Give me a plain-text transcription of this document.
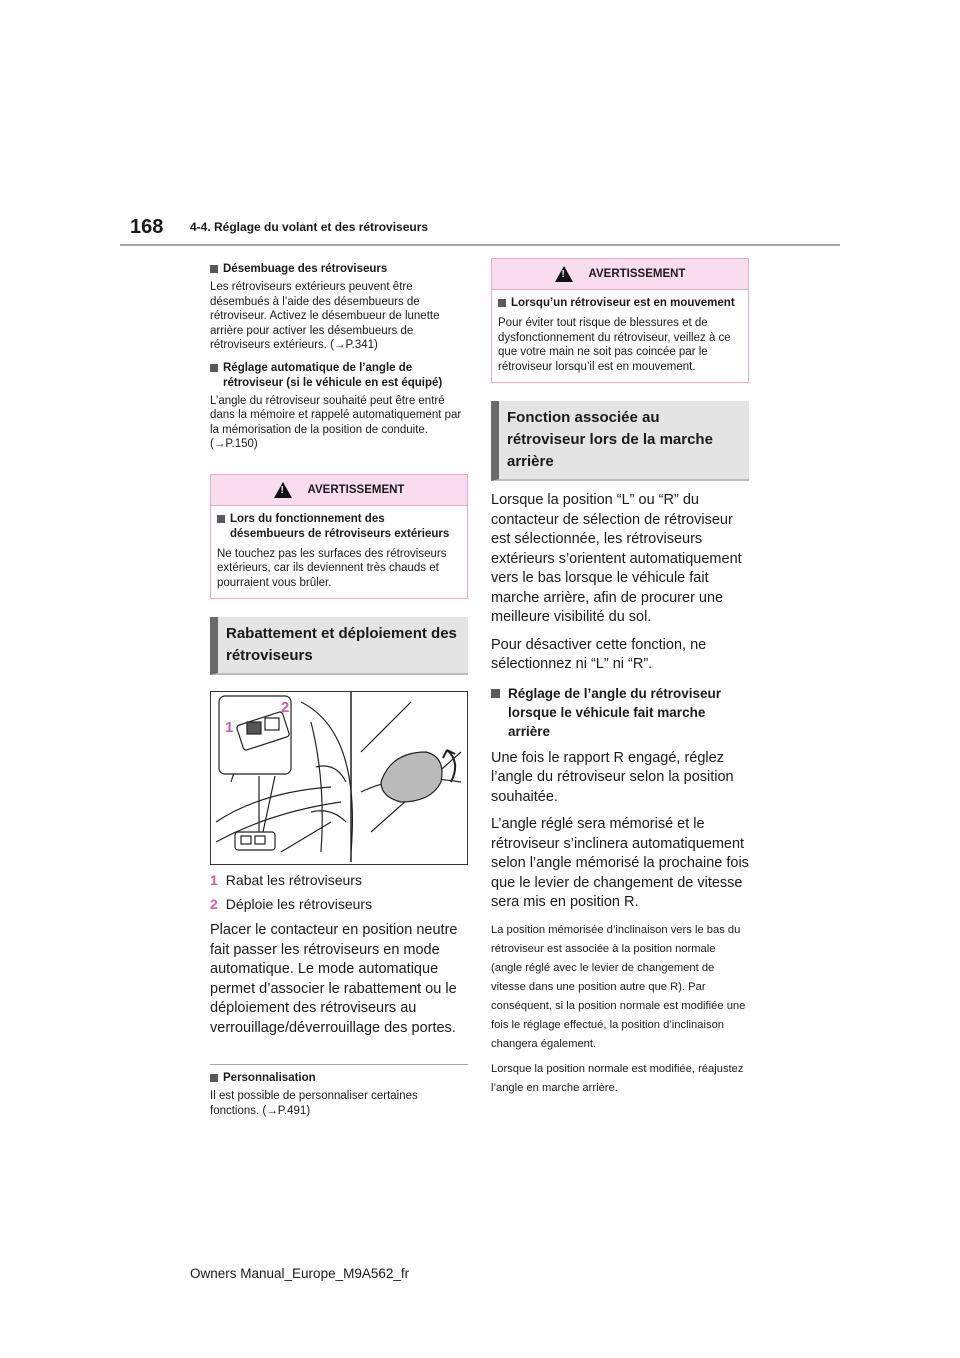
168 4-4. Réglage du volant et des rétroviseurs
Désembuage des rétroviseurs

Les rétroviseurs extérieurs peuvent être désembués à l’aide des désembueurs de rétroviseur. Activez le désembueur de lunette arrière pour activer les désembueurs de rétroviseurs extérieurs. (→P.341)

Réglage automatique de l’angle de rétroviseur (si le véhicule en est équipé)

L’angle du rétroviseur souhaité peut être entré dans la mémoire et rappelé automatiquement par la mémorisation de la position de conduite. (→P.150)

!
AVERTISSEMENT
Lors du fonctionnement des désembueurs de rétroviseurs extérieurs

Ne touchez pas les surfaces des rétroviseurs extérieurs, car ils deviennent très chauds et pourraient vous brûler.

Rabattement et déploiement des rétroviseurs
1
2
1 Rabat les rétroviseurs
2 Déploie les rétroviseurs

Placer le contacteur en position neutre fait passer les rétroviseurs en mode automatique. Le mode automatique permet d’associer le rabattement ou le déploiement des rétroviseurs au verrouillage/déverrouillage des portes.

Personnalisation

Il est possible de personnaliser certaines fonctions. (→P.491)

!
AVERTISSEMENT
Lorsqu’un rétroviseur est en mouvement

Pour éviter tout risque de blessures et de dysfonctionnement du rétroviseur, veillez à ce que votre main ne soit pas coincée par le rétroviseur lorsqu’il est en mouvement.

Fonction associée au rétroviseur lors de la marche arrière

Lorsque la position “L” ou “R” du contacteur de sélection de rétroviseur est sélectionnée, les rétroviseurs extérieurs s’orientent automatiquement vers le bas lorsque le véhicule fait marche arrière, afin de procurer une meilleure visibilité du sol.

Pour désactiver cette fonction, ne sélectionnez ni “L” ni “R”.

Réglage de l’angle du rétroviseur lorsque le véhicule fait marche arrière

Une fois le rapport R engagé, réglez l’angle du rétroviseur selon la position souhaitée.

L’angle réglé sera mémorisé et le rétroviseur s’inclinera automatiquement selon l’angle mémorisé la prochaine fois que le levier de changement de vitesse sera mis en position R.

La position mémorisée d’inclinaison vers le bas du rétroviseur est associée à la position normale (angle réglé avec le levier de changement de vitesse dans une position autre que R). Par conséquent, si la position normale est modifiée une fois le réglage effectué, la position d’inclinaison changera également.

Lorsque la position normale est modifiée, réajustez l’angle en marche arrière.

Owners Manual_Europe_M9A562_fr
